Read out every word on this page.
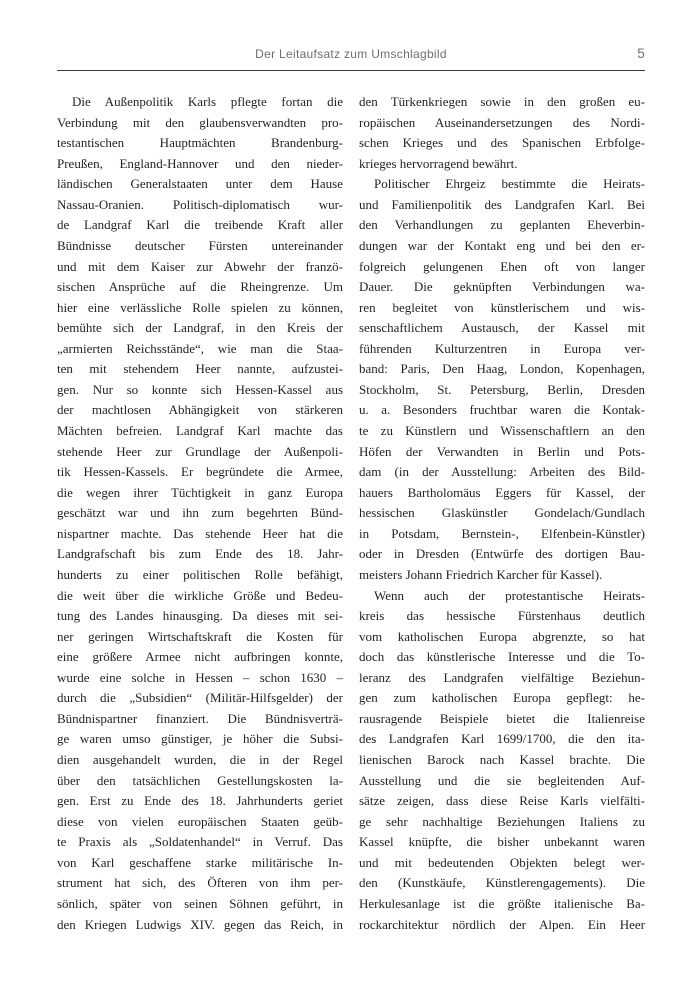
Der Leitaufsatz zum Umschlagbild	5
Die Außenpolitik Karls pflegte fortan die
Verbindung mit den glaubensverwandten pro-
testantischen Hauptmächten Brandenburg-
Preußen, England-Hannover und den nieder-
ländischen Generalstaaten unter dem Hause
Nassau-Oranien. Politisch-diplomatisch wur-
de Landgraf Karl die treibende Kraft aller
Bündnisse deutscher Fürsten untereinander
und mit dem Kaiser zur Abwehr der franzö-
sischen Ansprüche auf die Rheingrenze. Um
hier eine verlässliche Rolle spielen zu können,
bemühte sich der Landgraf, in den Kreis der
„armierten Reichsstände“, wie man die Staa-
ten mit stehendem Heer nannte, aufzustei-
gen. Nur so konnte sich Hessen-Kassel aus
der machtlosen Abhängigkeit von stärkeren
Mächten befreien. Landgraf Karl machte das
stehende Heer zur Grundlage der Außenpoli-
tik Hessen-Kassels. Er begründete die Armee,
die wegen ihrer Tüchtigkeit in ganz Europa
geschätzt war und ihn zum begehrten Bünd-
nispartner machte. Das stehende Heer hat die
Landgrafschaft bis zum Ende des 18. Jahr-
hunderts zu einer politischen Rolle befähigt,
die weit über die wirkliche Größe und Bedeu-
tung des Landes hinausging. Da dieses mit sei-
ner geringen Wirtschaftskraft die Kosten für
eine größere Armee nicht aufbringen konnte,
wurde eine solche in Hessen – schon 1630 –
durch die „Subsidien“ (Militär-Hilfsgelder) der
Bündnispartner finanziert. Die Bündnisverträ-
ge waren umso günstiger, je höher die Subsi-
dien ausgehandelt wurden, die in der Regel
über den tatsächlichen Gestellungskosten la-
gen. Erst zu Ende des 18. Jahrhunderts geriet
diese von vielen europäischen Staaten geüb-
te Praxis als „Soldatenhandel“ in Verruf. Das
von Karl geschaffene starke militärische In-
strument hat sich, des Öfteren von ihm per-
sönlich, später von seinen Söhnen geführt, in
den Kriegen Ludwigs XIV. gegen das Reich, in
den Türkenkriegen sowie in den großen eu-
ropäischen Auseinandersetzungen des Nordi-
schen Krieges und des Spanischen Erbfolge-
krieges hervorragend bewährt.
Politischer Ehrgeiz bestimmte die Heirats-
und Familienpolitik des Landgrafen Karl. Bei
den Verhandlungen zu geplanten Eheverbin-
dungen war der Kontakt eng und bei den er-
folgreich gelungenen Ehen oft von langer
Dauer. Die geknüpften Verbindungen wa-
ren begleitet von künstlerischem und wis-
senschaftlichem Austausch, der Kassel mit
führenden Kulturzentren in Europa ver-
band: Paris, Den Haag, London, Kopenhagen,
Stockholm, St. Petersburg, Berlin, Dresden
u. a. Besonders fruchtbar waren die Kontak-
te zu Künstlern und Wissenschaftlern an den
Höfen der Verwandten in Berlin und Pots-
dam (in der Ausstellung: Arbeiten des Bild-
hauers Bartholomäus Eggers für Kassel, der
hessischen Glaskünstler Gondelach/Gundlach
in Potsdam, Bernstein-, Elfenbein-Künstler)
oder in Dresden (Entwürfe des dortigen Bau-
meisters Johann Friedrich Karcher für Kassel).
Wenn auch der protestantische Heirats-
kreis das hessische Fürstenhaus deutlich
vom katholischen Europa abgrenzte, so hat
doch das künstlerische Interesse und die To-
leranz des Landgrafen vielfältige Beziehun-
gen zum katholischen Europa gepflegt: he-
rausragende Beispiele bietet die Italienreise
des Landgrafen Karl 1699/1700, die den ita-
lienischen Barock nach Kassel brachte. Die
Ausstellung und die sie begleitenden Auf-
sätze zeigen, dass diese Reise Karls vielfälti-
ge sehr nachhaltige Beziehungen Italiens zu
Kassel knüpfte, die bisher unbekannt waren
und mit bedeutenden Objekten belegt wer-
den (Kunstkäufe, Künstlerengagements). Die
Herkulesanlage ist die größte italienische Ba-
rockarchitektur nördlich der Alpen. Ein Heer
